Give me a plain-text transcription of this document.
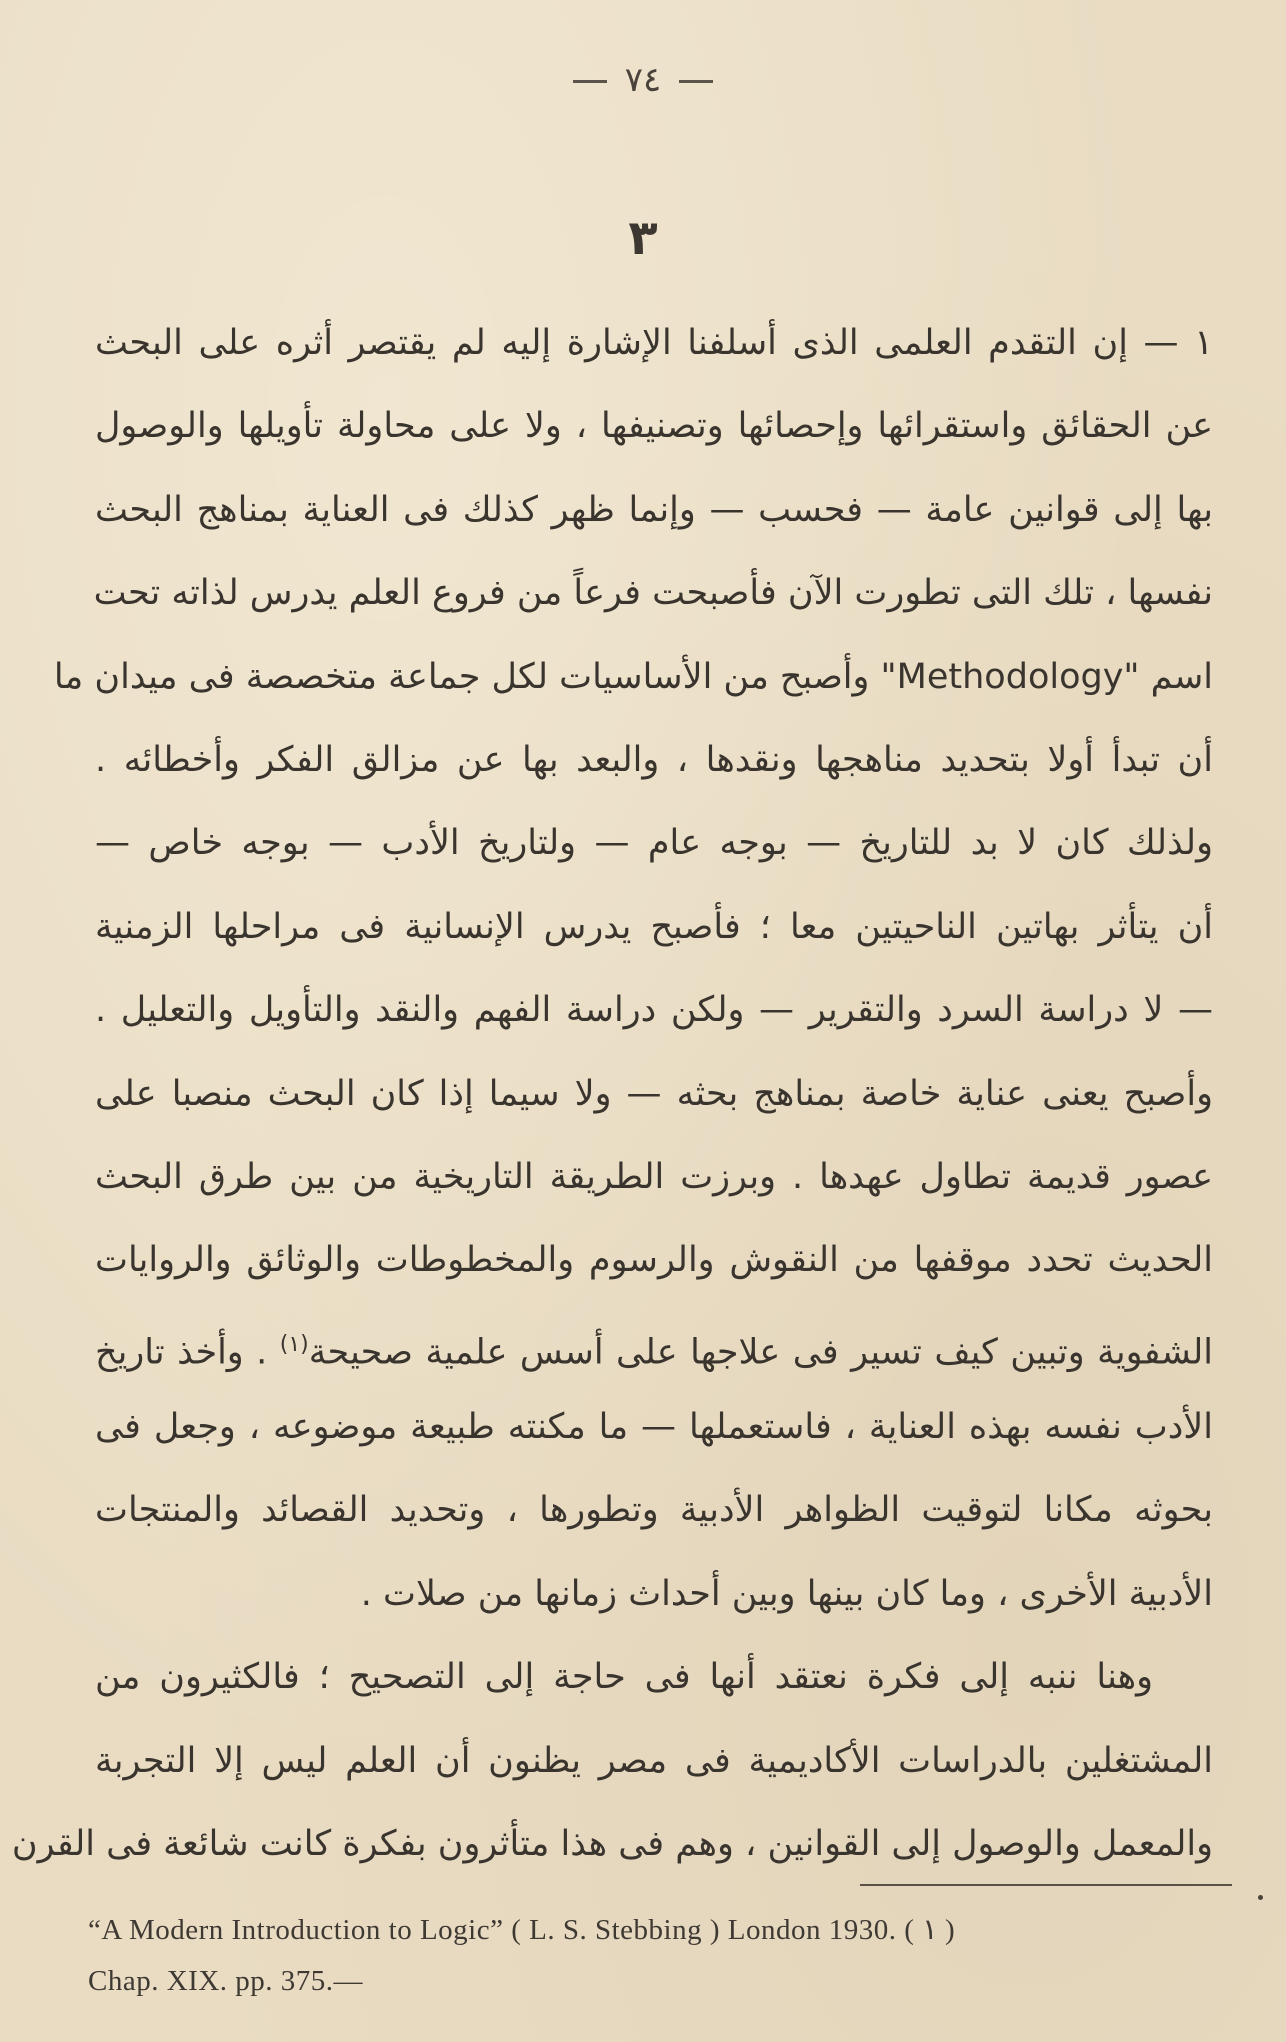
٧٤
٣
١ — إن التقدم العلمى الذى أسلفنا الإشارة إليه لم يقتصر أثره على البحث
عن الحقائق واستقرائها وإحصائها وتصنيفها ، ولا على محاولة تأويلها والوصول
بها إلى قوانين عامة — فحسب — وإنما ظهر كذلك فى العناية بمناهج البحث
نفسها ، تلك التى تطورت الآن فأصبحت فرعاً من فروع العلم يدرس لذاته تحت
اسم "Methodology" وأصبح من الأساسيات لكل جماعة متخصصة فى ميدان ما
أن تبدأ أولا بتحديد مناهجها ونقدها ، والبعد بها عن مزالق الفكر وأخطائه .
ولذلك كان لا بد للتاريخ — بوجه عام — ولتاريخ الأدب — بوجه خاص —
أن يتأثر بهاتين الناحيتين معا ؛ فأصبح يدرس الإنسانية فى مراحلها الزمنية
— لا دراسة السرد والتقرير — ولكن دراسة الفهم والنقد والتأويل والتعليل .
وأصبح يعنى عناية خاصة بمناهج بحثه — ولا سيما إذا كان البحث منصبا على
عصور قديمة تطاول عهدها . وبرزت الطريقة التاريخية من بين طرق البحث
الحديث تحدد موقفها من النقوش والرسوم والمخطوطات والوثائق والروايات
الشفوية وتبين كيف تسير فى علاجها على أسس علمية صحيحة$^{(١)}$ . وأخذ تاريخ
الأدب نفسه بهذه العناية ، فاستعملها — ما مكنته طبيعة موضوعه ، وجعل فى
بحوثه مكانا لتوقيت الظواهر الأدبية وتطورها ، وتحديد القصائد والمنتجات
الأدبية الأخرى ، وما كان بينها وبين أحداث زمانها من صلات .
وهنا ننبه إلى فكرة نعتقد أنها فى حاجة إلى التصحيح ؛ فالكثيرون من
المشتغلين بالدراسات الأكاديمية فى مصر يظنون أن العلم ليس إلا التجربة
والمعمل والوصول إلى القوانين ، وهم فى هذا متأثرون بفكرة كانت شائعة فى القرن
“A Modern Introduction to Logic” ( L. S. Stebbing ) London 1930. ( ١ )
Chap. XIX. pp. 375.—
